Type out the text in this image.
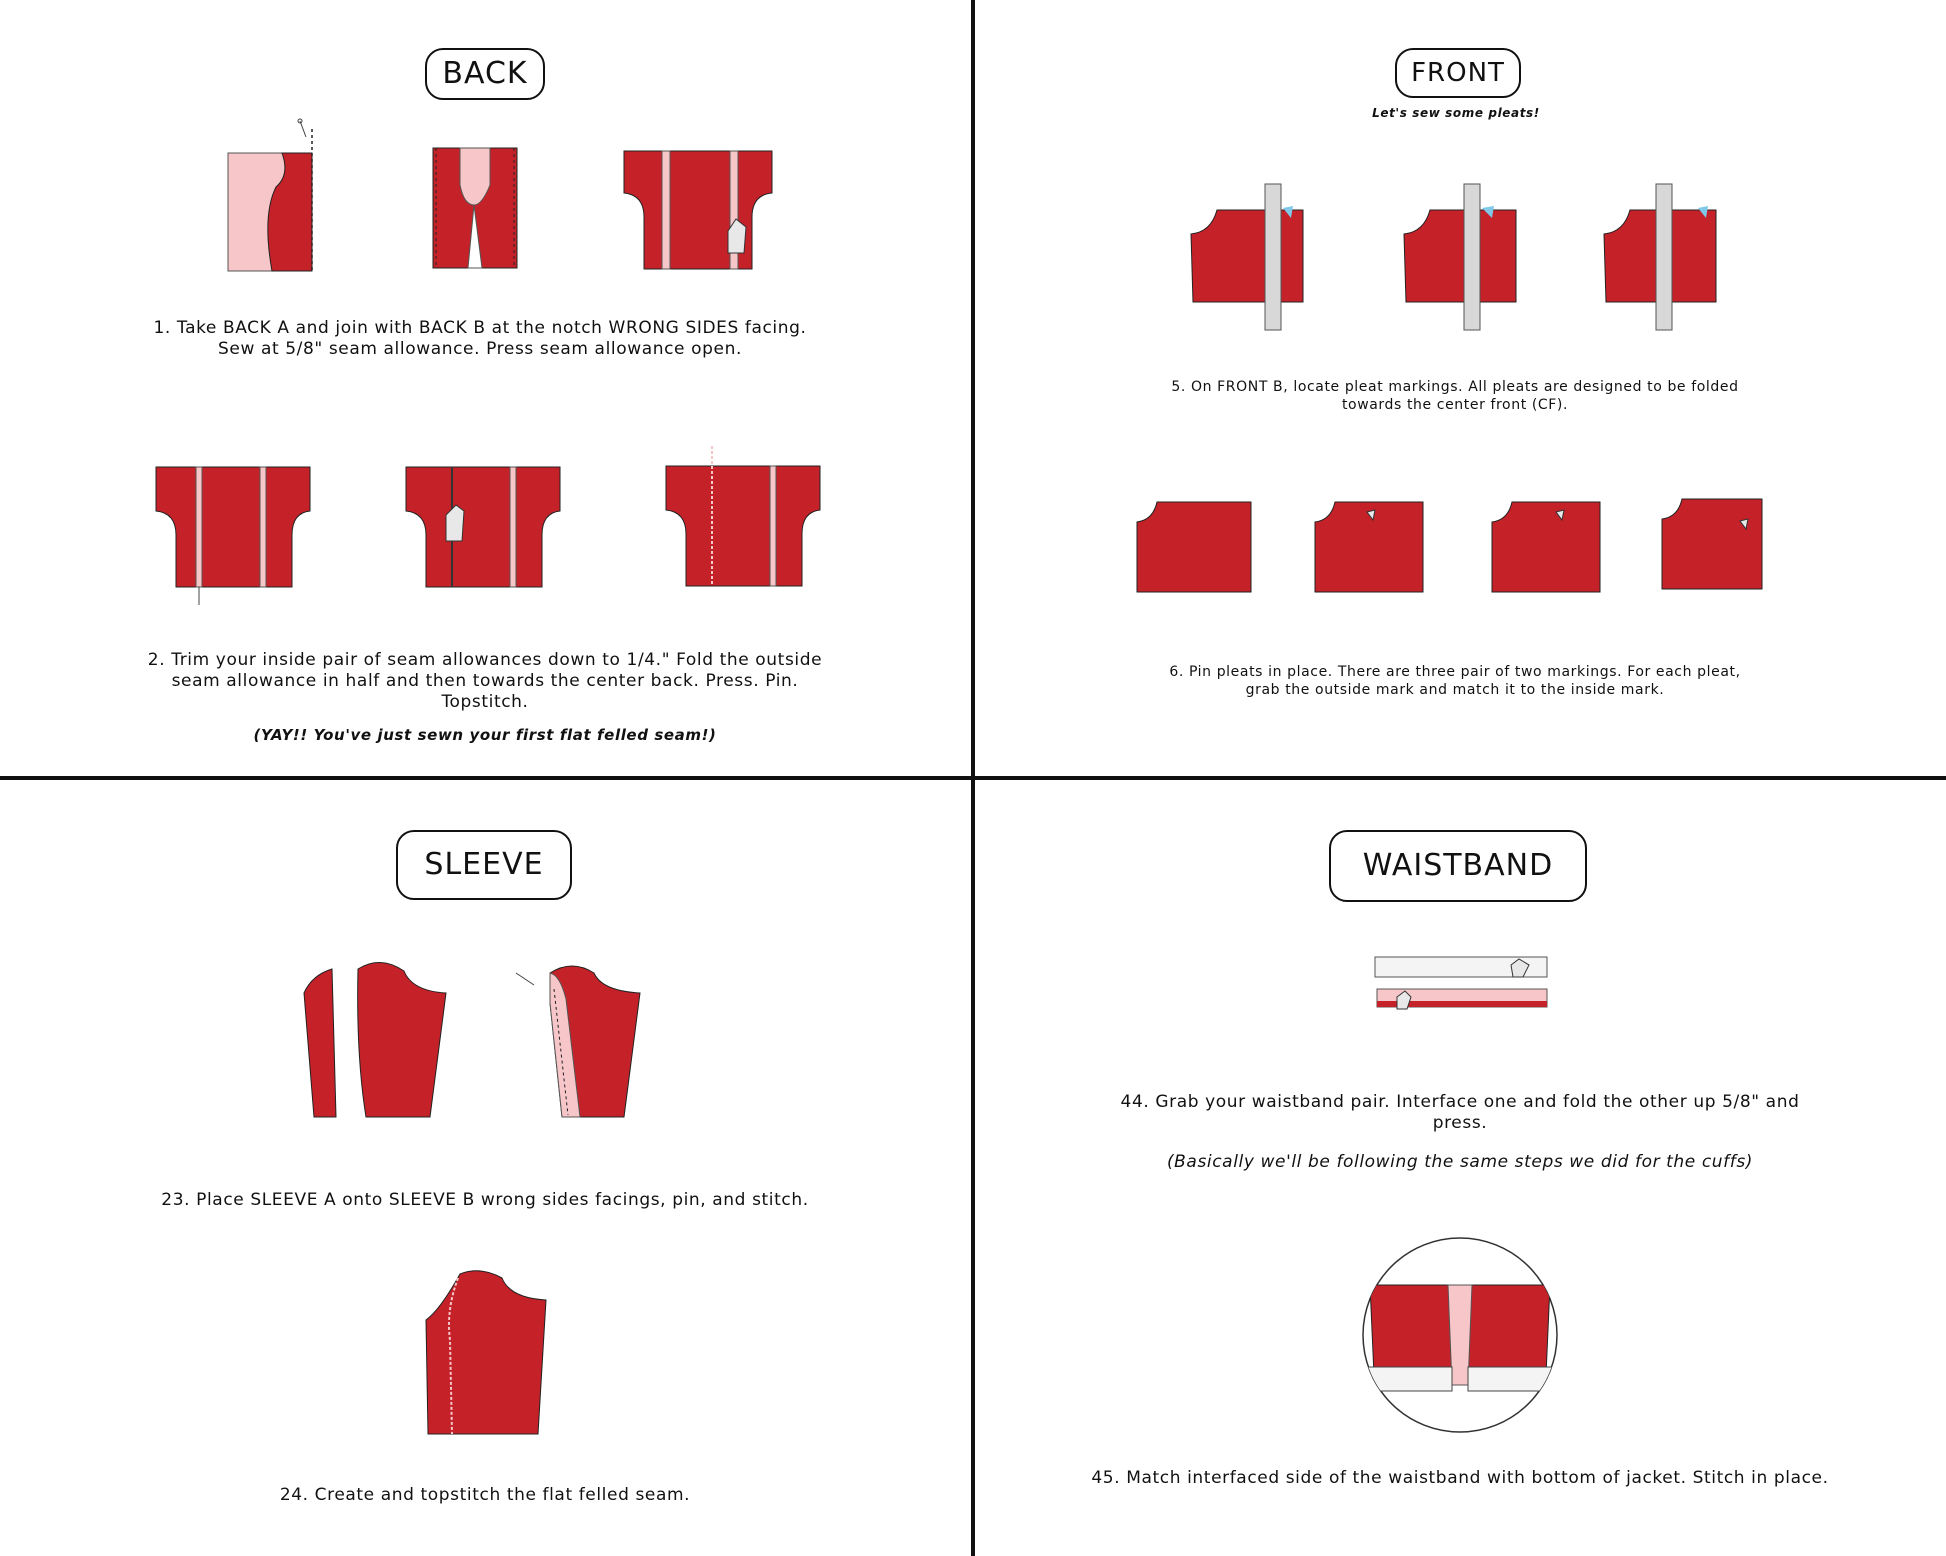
BACK
1. Take BACK A and join with BACK B at the notch WRONG SIDES facing. Sew at 5/8" seam allowance. Press seam allowance open.
2. Trim your inside pair of seam allowances down to 1/4." Fold the outside seam allowance in half and then towards the center back. Press. Pin. Topstitch.
(YAY!! You've just sewn your first flat felled seam!)
FRONT
Let's sew some pleats!
5. On FRONT B, locate pleat markings. All pleats are designed to be folded towards the center front (CF).
6. Pin pleats in place. There are three pair of two markings. For each pleat, grab the outside mark and match it to the inside mark.
SLEEVE
23. Place SLEEVE A onto SLEEVE B wrong sides facings, pin, and stitch.
24. Create and topstitch the flat felled seam.
WAISTBAND
44. Grab your waistband pair. Interface one and fold the other up 5/8" and press.
(Basically we'll be following the same steps we did for the cuffs)
45. Match interfaced side of the waistband with bottom of jacket. Stitch in place.
